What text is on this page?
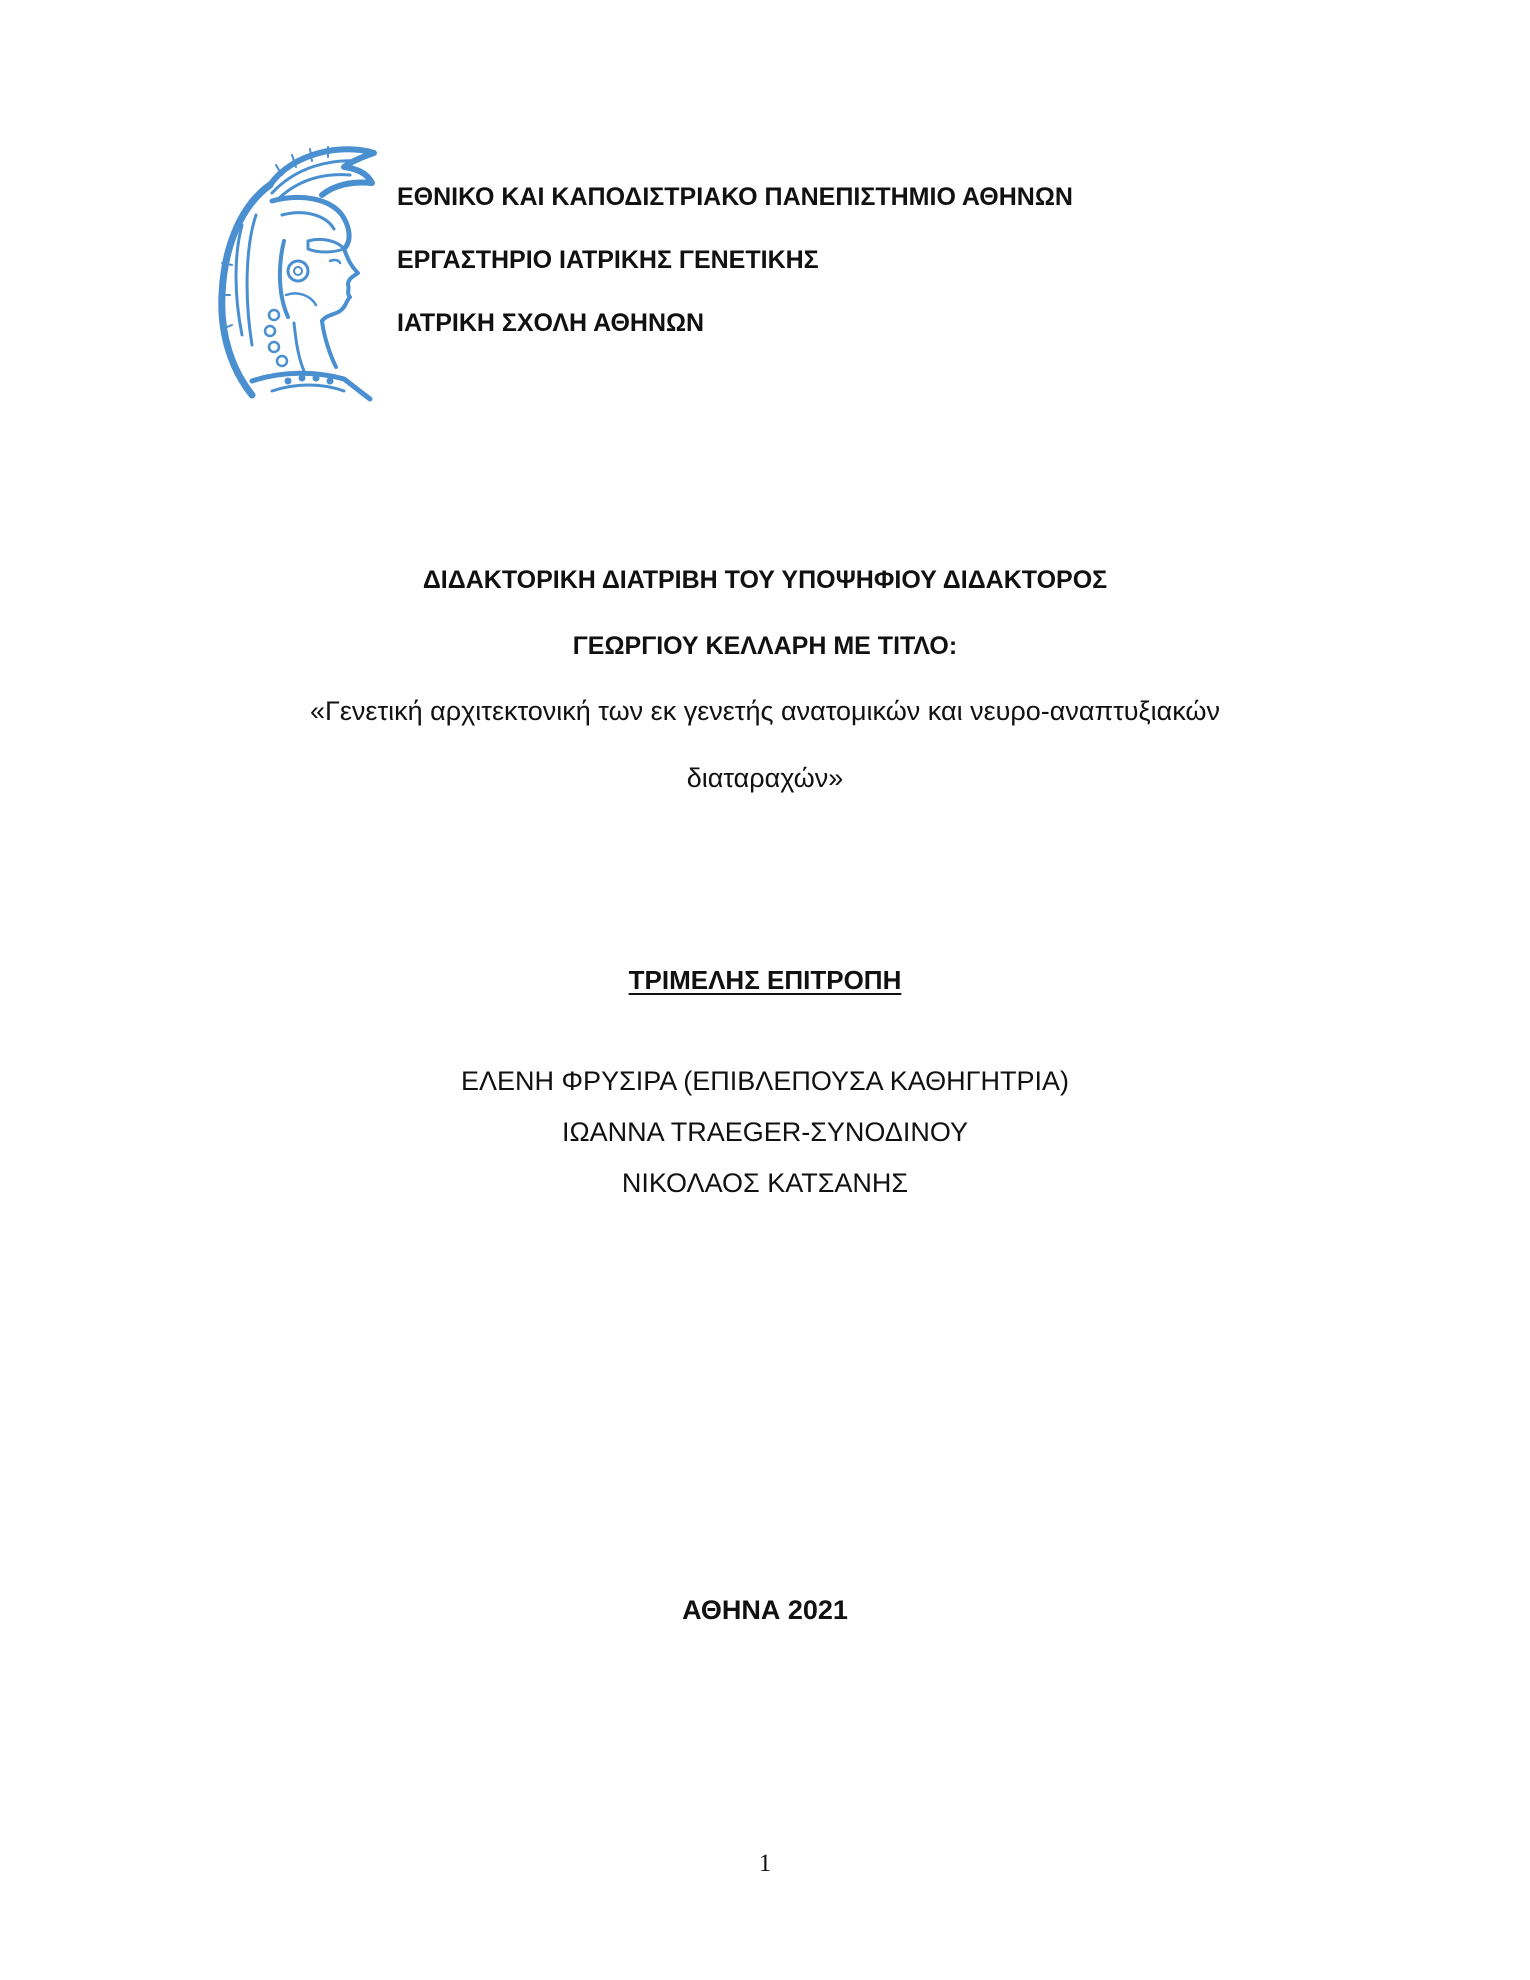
ΕΘΝΙΚΟ ΚΑΙ ΚΑΠΟΔΙΣΤΡΙΑΚΟ ΠΑΝΕΠΙΣΤΗΜΙΟ ΑΘΗΝΩΝ
ΕΡΓΑΣΤΗΡΙΟ ΙΑΤΡΙΚΗΣ ΓΕΝΕΤΙΚΗΣ
ΙΑΤΡΙΚΗ ΣΧΟΛΗ ΑΘΗΝΩΝ
ΔΙΔΑΚΤΟΡΙΚΗ ΔΙΑΤΡΙΒΗ ΤΟΥ ΥΠΟΨΗΦΙΟΥ ΔΙΔΑΚΤΟΡΟΣ
ΓΕΩΡΓΙΟΥ ΚΕΛΛΑΡΗ ΜΕ ΤΙΤΛΟ:
«Γενετική αρχιτεκτονική των εκ γενετής ανατομικών και νευρο-αναπτυξιακών
διαταραχών»
ΤΡΙΜΕΛΗΣ ΕΠΙΤΡΟΠΗ
ΕΛΕΝΗ ΦΡΥΣΙΡΑ (ΕΠΙΒΛΕΠΟΥΣΑ ΚΑΘΗΓΗΤΡΙΑ)
ΙΩΑΝΝΑ TRAEGER-ΣΥΝΟΔΙΝΟΥ
ΝΙΚΟΛΑΟΣ ΚΑΤΣΑΝΗΣ
ΑΘΗΝΑ 2021
1
